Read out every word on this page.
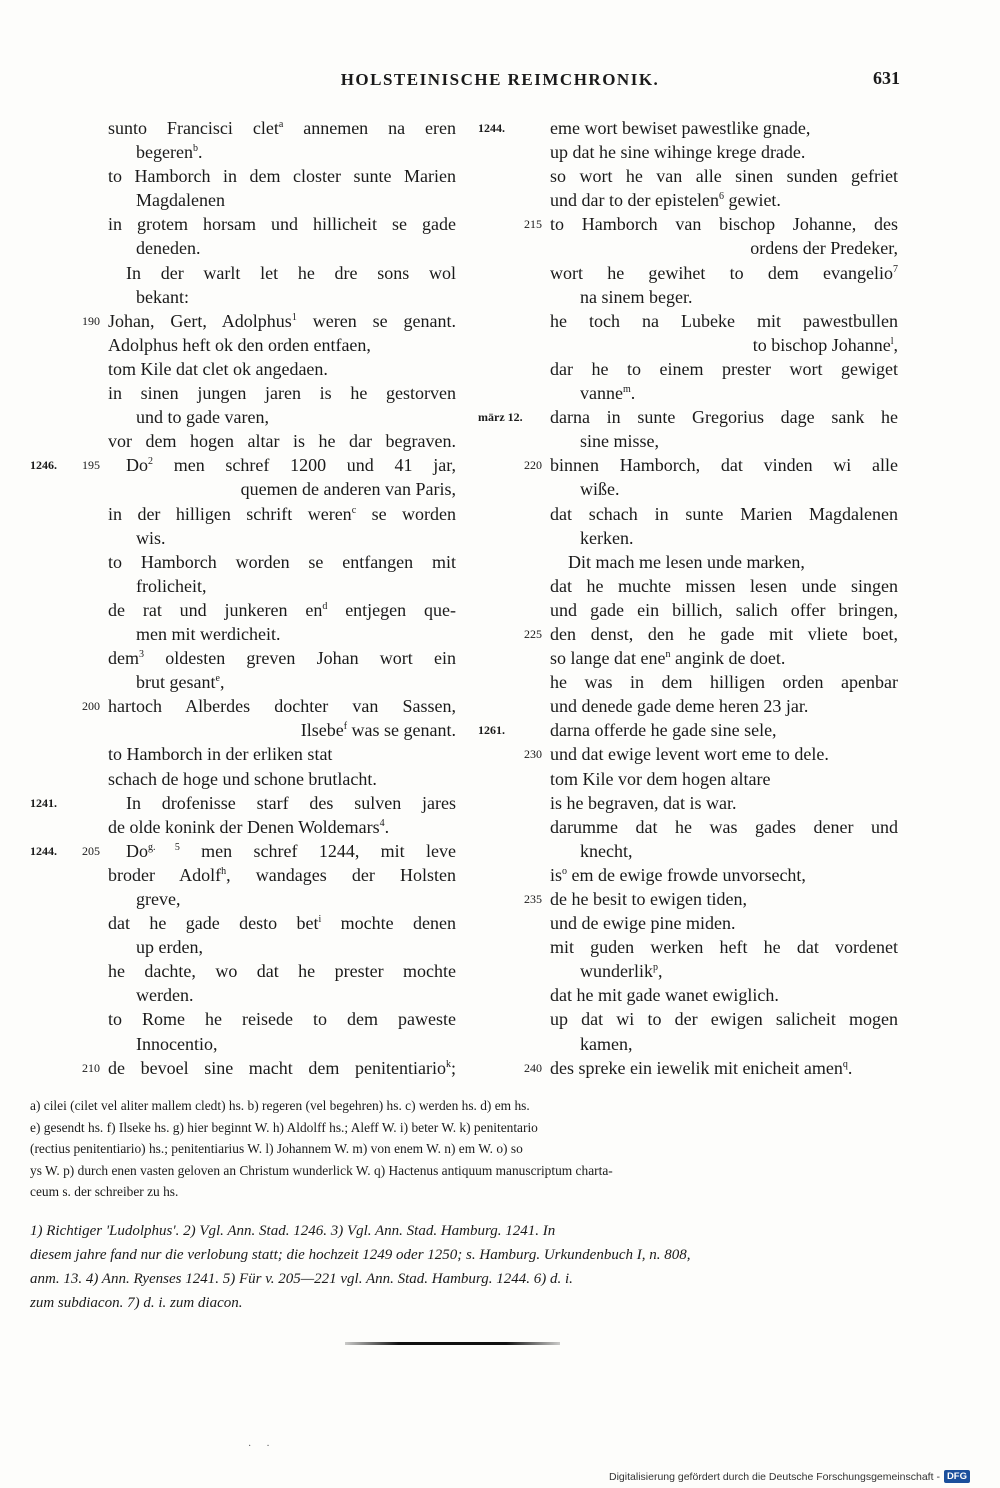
HOLSTEINISCHE REIMCHRONIK.	631
sunto Francisci clet$^a$ annemen na eren
begeren$^b$.
to Hamborch in dem closter sunte Marien
Magdalenen
in grotem horsam und hillicheit se gade
deneden.
 In der warlt let he dre sons wol
bekant:
190 Johan, Gert, Adolphus$^1$ weren se genant.
Adolphus heft ok den orden entfaen,
tom Kile dat clet ok angedaen.
in sinen jungen jaren is he gestorven
und to gade varen,
vor dem hogen altar is he dar begraven.
1246. 195  Do$^2$ men schref 1200 und 41 jar,
quemen de anderen van Paris,
in der hilligen schrift weren$^c$ se worden
wis.
to Hamborch worden se entfangen mit
frolicheit,
de rat und junkeren $en^d$ entjegen que-
men mit werdicheit.
dem$^3$ oldesten greven Johan wort ein
brut gesant$^e$,
200 hartoch Alberdes dochter van Sassen,
Ilsebe$^f$ was se genant.
to Hamborch in der erliken stat
schach de hoge und schone brutlacht.
1241.	 In drofenisse starf des sulven jares
de olde konink der Denen Woldemars$^4$.
1244. 205  $Do^{g. 5}$ men schref 1244, mit leve
broder Adolf$^h$, wandages der Holsten
greve,
dat he gade desto bet$^i$ mochte denen
up erden,
he dachte, wo dat he prester mochte
werden.
to Rome he reisede to dem paweste
Innocentio,
210 de bevoel sine macht dem penitentiario$^k$;
1244.	eme wort bewiset pawestlike gnade,
up dat he sine wihinge krege drade.
so wort he van alle sinen sunden gefriet
und dar to der epistelen$^6$ gewiet.
215 to Hamborch van bischop Johanne, des
ordens der Predeker,
wort he gewihet to dem evangelio$^7$
na sinem beger.
he toch na Lubeke mit pawestbullen
to bischop Johanne$^l$,
dar he to einem prester wort gewiget
vanne$^m$.
märz 12. darna in sunte Gregorius dage sank he
sine misse,
220 binnen Hamborch, dat vinden wi alle
wiße.
dat schach in sunte Marien Magdalenen
kerken.
 Dit mach me lesen unde marken,
dat he muchte missen lesen unde singen
und gade ein billich, salich offer bringen,
225 den denst, den he gade mit vliete boet,
so lange dat ene$^n$ angink de doet.
he was in dem hilligen orden apenbar
und denede gade deme heren 23 jar.
1261.	darna offerde he gade sine sele,
230 und dat ewige levent wort eme to dele.
tom Kile vor dem hogen altare
is he begraven, dat is war.
darumme dat he was gades dener und
knecht,
$is^o$ em de ewige frowde unvorsecht,
235 de he besit to ewigen tiden,
und de ewige pine miden.
mit guden werken heft he dat vordenet
wunderlik$^p$,
dat he mit gade wanet ewiglich.
up dat wi to der ewigen salicheit mogen
kamen,
240 des spreke ein iewelik mit enicheit amen$^q$.

a) cilei (cilet vel aliter mallem cledt) hs. b) regeren (vel begehren) hs. c) werden hs. d) em hs.

e) gesendt hs. f) Ilseke hs. g) hier beginnt W. h) Aldolff hs.; Aleff W. i) beter W. k) penitentario

(rectius penitentiario) hs.; penitentiarius W. l) Johannem W. m) von enem W. n) em W. o) so

ys W. p) durch enen vasten geloven an Christum wunderlick W. q) Hactenus antiquum manuscriptum charta-

ceum s. der schreiber zu hs.

1) Richtiger 'Ludolphus'. 2) Vgl. Ann. Stad. 1246. 3) Vgl. Ann. Stad. Hamburg. 1241. In
diesem jahre fand nur die verlobung statt; die hochzeit 1249 oder 1250; s. Hamburg. Urkundenbuch I, n. 808,
anm. 13. 4) Ann. Ryenses 1241. 5) Für v. 205—221 vgl. Ann. Stad. Hamburg. 1244. 6) d. i.
zum subdiacon. 7) d. i. zum diacon.
·      ·
Digitalisierung gefördert durch die Deutsche Forschungsgemeinschaft - DFG
